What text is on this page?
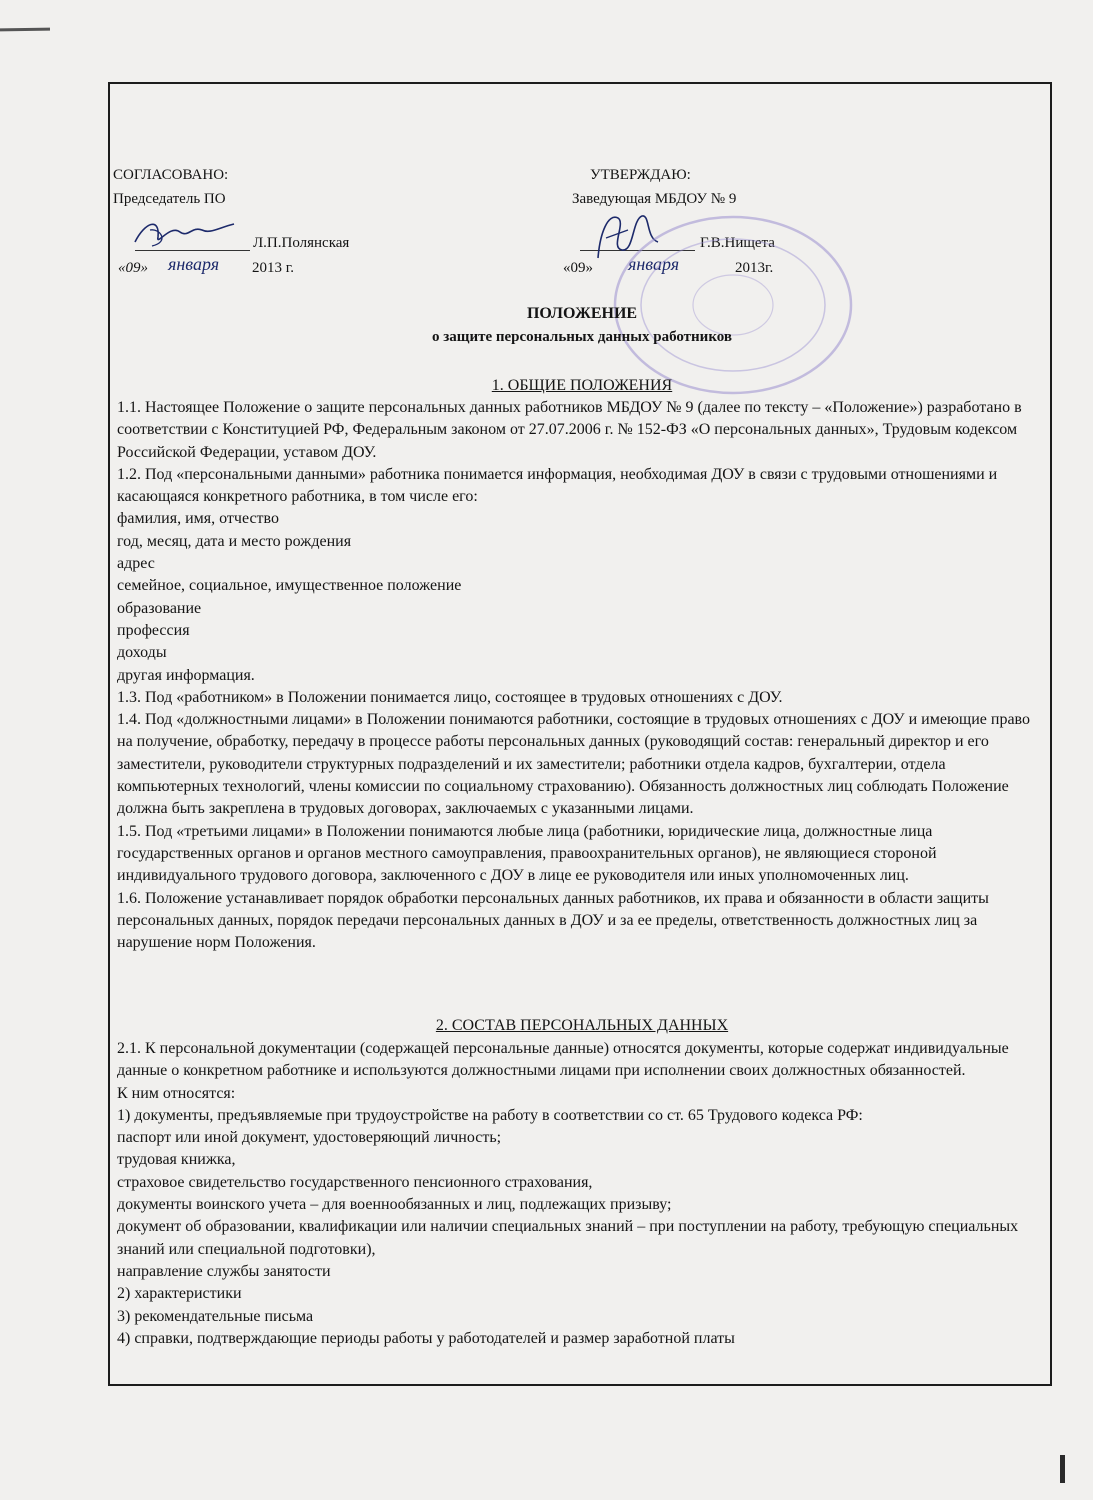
СОГЛАСОВАНО:
Председатель ПО
Л.П.Полянская
«09» января 2013 г.
УТВЕРЖДАЮ:
Заведующая МБДОУ № 9
Г.В.Нищета
«09» января	2013г.
ПОЛОЖЕНИЕ
о защите персональных данных работников
1. ОБЩИЕ ПОЛОЖЕНИЯ
1.1. Настоящее Положение о защите персональных данных работников МБДОУ № 9 (далее по тексту – «Положение») разработано в соответствии с Конституцией РФ, Федеральным законом от 27.07.2006 г. № 152-ФЗ «О персональных данных», Трудовым кодексом Российской Федерации, уставом ДОУ.
1.2. Под «персональными данными» работника понимается информация, необходимая ДОУ в связи с трудовыми отношениями и касающаяся конкретного работника, в том числе его:
фамилия, имя, отчество
год, месяц, дата и место рождения
адрес
семейное, социальное, имущественное положение
образование
профессия
доходы
другая информация.
1.3. Под «работником» в Положении понимается лицо, состоящее в трудовых отношениях с ДОУ.
1.4. Под «должностными лицами» в Положении понимаются работники, состоящие в трудовых отношениях с ДОУ и имеющие право на получение, обработку, передачу в процессе работы персональных данных (руководящий состав: генеральный директор и его заместители, руководители структурных подразделений и их заместители; работники отдела кадров, бухгалтерии, отдела компьютерных технологий, члены комиссии по социальному страхованию). Обязанность должностных лиц соблюдать Положение должна быть закреплена в трудовых договорах, заключаемых с указанными лицами.
1.5. Под «третьими лицами» в Положении понимаются любые лица (работники, юридические лица, должностные лица государственных органов и органов местного самоуправления, правоохранительных органов), не являющиеся стороной индивидуального трудового договора, заключенного с ДОУ в лице ее руководителя или иных уполномоченных лиц.
1.6. Положение устанавливает порядок обработки персональных данных работников, их права и обязанности в области защиты персональных данных, порядок передачи персональных данных в ДОУ и за ее пределы, ответственность должностных лиц за нарушение норм Положения.
2. СОСТАВ ПЕРСОНАЛЬНЫХ ДАННЫХ
2.1. К персональной документации (содержащей персональные данные) относятся документы, которые содержат индивидуальные данные о конкретном работнике и используются должностными лицами при исполнении своих должностных обязанностей.
К ним относятся:
1) документы, предъявляемые при трудоустройстве на работу в соответствии со ст. 65 Трудового кодекса РФ:
паспорт или иной документ, удостоверяющий личность;
трудовая книжка,
страховое свидетельство государственного пенсионного страхования,
документы воинского учета – для военнообязанных и лиц, подлежащих призыву;
документ об образовании, квалификации или наличии специальных знаний – при поступлении на работу, требующую специальных знаний или специальной подготовки),
направление службы занятости
2) характеристики
3) рекомендательные письма
4) справки, подтверждающие периоды работы у работодателей и размер заработной платы
